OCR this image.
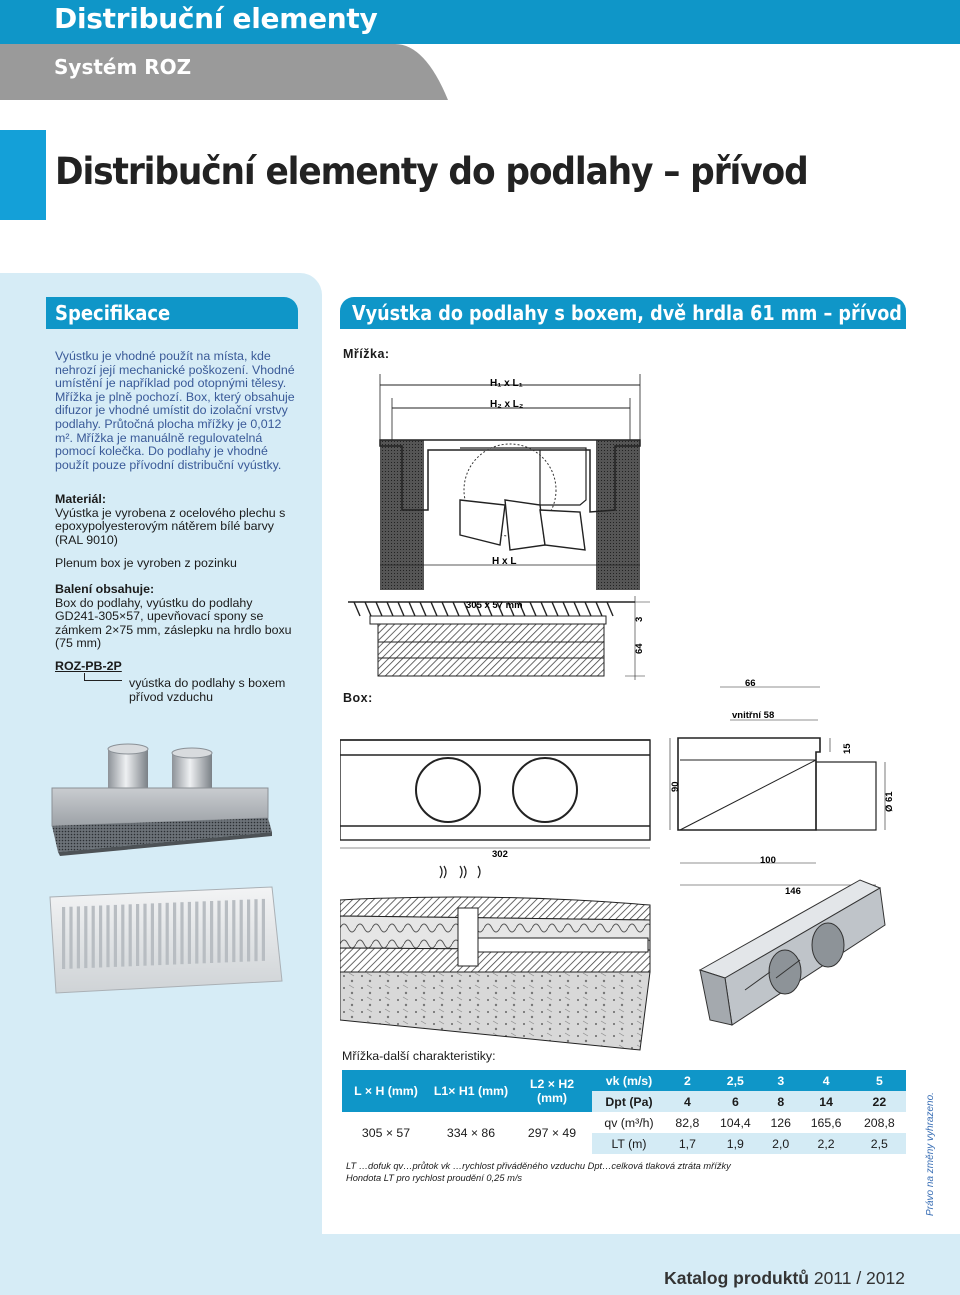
Distribuční elementy
Systém ROZ
Distribuční elementy do podlahy – přívod
Specifikace	Vyústka do podlahy s boxem, dvě hrdla 61 mm – přívod
Vyústku je vhodné použít na místa, kde nehrozí její mechanické poškození. Vhodné umístění je například pod otopnými tělesy. Mřížka je plně pochozí. Box, který obsahuje difuzor je vhodné umístit do izolační vrstvy podlahy. Průtočná plocha mřížky je 0,012 m². Mřížka je manuálně regulovatelná pomocí kolečka. Do podlahy je vhodné použít pouze přívodní distribuční vyústky.
Materiál:
Vyústka je vyrobena z ocelového plechu s epoxypolyesterovým nátěrem bílé barvy (RAL 9010)
Plenum box je vyroben z pozinku
Balení obsahuje:
Box do podlahy, vyústku do podlahy GD241-305×57, upevňovací spony se zámkem 2×75 mm, záslepku na hrdlo boxu (75 mm)
ROZ-PB-2P
vyústka do podlahy s boxem přívod vzduchu
Mřížka:
Box:
H₁ x L₁
H₂ x L₂
H x L
305 x 57 mm
3
64
302
66
vnitřní 58
15
90
Ø 61
100
146
Mřížka-další charakteristiky:
L × H (mm)	L1× H1 (mm)	L2 × H2 (mm)	vk (m/s)	2	2,5	3	4	5
			Dpt (Pa)	4	6	8	14	22
305 × 57	334 × 86	297 × 49	qv (m³/h)	82,8	104,4	126	165,6	208,8
			LT (m)	1,7	1,9	2,0	2,2	2,5
LT …dofuk qv…průtok vk …rychlost přiváděného vzduchu Dpt…celková tlaková ztráta mřížky
Hondota LT pro rychlost proudění 0,25 m/s	Právo na změny vyhrazeno.
Katalog produktů 2011 / 2012
